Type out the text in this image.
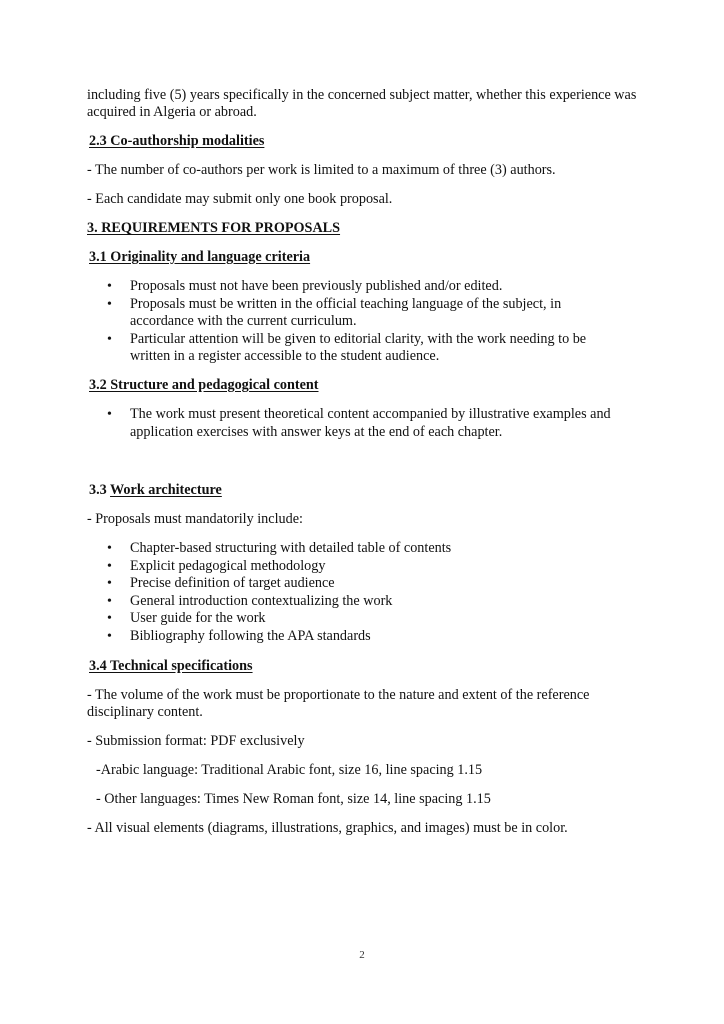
including five (5) years specifically in the concerned subject matter, whether this experience was acquired in Algeria or abroad.

2.3 Co-authorship modalities

- The number of co-authors per work is limited to a maximum of three (3) authors.

- Each candidate may submit only one book proposal.

3. REQUIREMENTS FOR PROPOSALS

3.1 Originality and language criteria

• Proposals must not have been previously published and/or edited.
• Proposals must be written in the official teaching language of the subject, in accordance with the current curriculum.
• Particular attention will be given to editorial clarity, with the work needing to be written in a register accessible to the student audience.

3.2 Structure and pedagogical content

• The work must present theoretical content accompanied by illustrative examples and application exercises with answer keys at the end of each chapter.

3.3 Work architecture

- Proposals must mandatorily include:

• Chapter-based structuring with detailed table of contents
• Explicit pedagogical methodology
• Precise definition of target audience
• General introduction contextualizing the work
• User guide for the work
• Bibliography following the APA standards

3.4 Technical specifications

- The volume of the work must be proportionate to the nature and extent of the reference disciplinary content.

- Submission format: PDF exclusively

-Arabic language: Traditional Arabic font, size 16, line spacing 1.15

- Other languages: Times New Roman font, size 14, line spacing 1.15

- All visual elements (diagrams, illustrations, graphics, and images) must be in color.

2
